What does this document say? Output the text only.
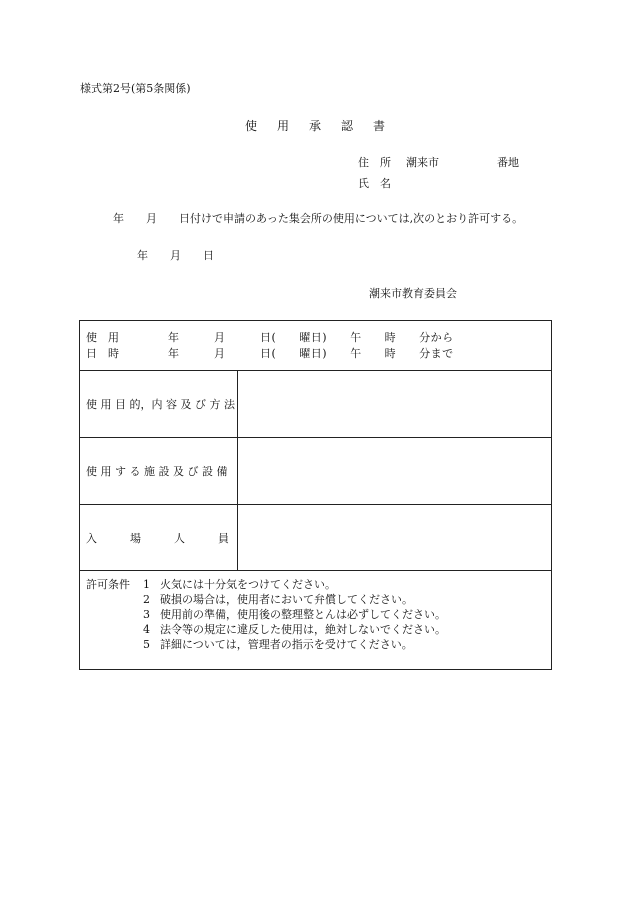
様式第2号(第5条関係)
使用承認書
住　所 潮来市	番地
氏　名
年　　月　　日付けで申請のあった集会所の使用については,次のとおり許可する。
年　　月　　日
潮来市教育委員会
使　用
日　時
年　　　月　　　日(　　曜日)　　午　　時　　分から
年　　　月　　　日(　　曜日)　　午　　時　　分まで
使 用 目 的，内 容 及 び 方 法
使 用 す る 施 設 及 び 設 備
入　　　場　　　人　　　員
許可条件 1 火気には十分気をつけてください。
2 破損の場合は，使用者において弁償してください。
3 使用前の準備，使用後の整理整とんは必ずしてください。
4 法令等の規定に違反した使用は，絶対しないでください。
5 詳細については，管理者の指示を受けてください。
